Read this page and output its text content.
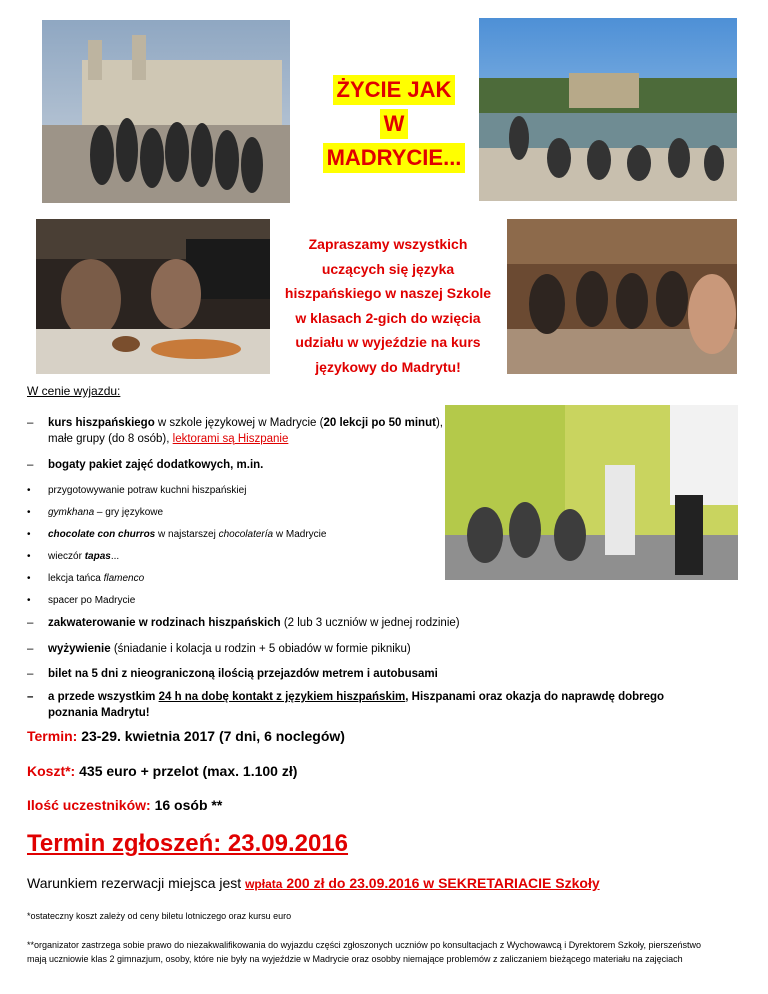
ŻYCIE JAK
W
MADRYCIE...
Zapraszamy wszystkich
uczących się języka
hiszpańskiego w naszej Szkole
w klasach 2-gich do wzięcia
udziału w wyjeździe na kurs
językowy do Madrytu!
W cenie wyjazdu:
–	kurs hiszpańskiego w szkole językowej w Madrycie (20 lekcji po 50 minut), małe grupy (do 8 osób), lektorami są Hiszpanie
–	bogaty pakiet zajęć dodatkowych, m.in.
•	przygotowywanie potraw kuchni hiszpańskiej
•	gymkhana – gry językowe
•	chocolate con churros w najstarszej chocolatería w Madrycie
•	wieczór tapas...
•	lekcja tańca flamenco
•	spacer po Madrycie
–	zakwaterowanie w rodzinach hiszpańskich (2 lub 3 uczniów w jednej rodzinie)
–	wyżywienie (śniadanie i kolacja u rodzin + 5 obiadów w formie pikniku)
–	bilet na 5 dni z nieograniczoną ilością przejazdów metrem i autobusami
–	a przede wszystkim 24 h na dobę kontakt z językiem hiszpańskim, Hiszpanami oraz okazja do naprawdę dobrego
poznania Madrytu!
Termin: 23-29. kwietnia 2017 (7 dni, 6 noclegów)
Koszt*: 435 euro + przelot (max. 1.100 zł)
Ilość uczestników: 16 osób **
Termin zgłoszeń: 23.09.2016
Warunkiem rezerwacji miejsca jest wpłata 200 zł do 23.09.2016 w SEKRETARIACIE Szkoły
*ostateczny koszt zależy od ceny biletu lotniczego oraz kursu euro
**organizator zastrzega sobie prawo do niezakwalifikowania do wyjazdu części zgłoszonych uczniów po konsultacjach z Wychowawcą i Dyrektorem Szkoły, pierszeństwo
mają uczniowie klas 2 gimnazjum, osoby, które nie były na wyjeździe w Madrycie oraz osobby niemające problemów z zaliczaniem bieżącego materiału na zajęciach
